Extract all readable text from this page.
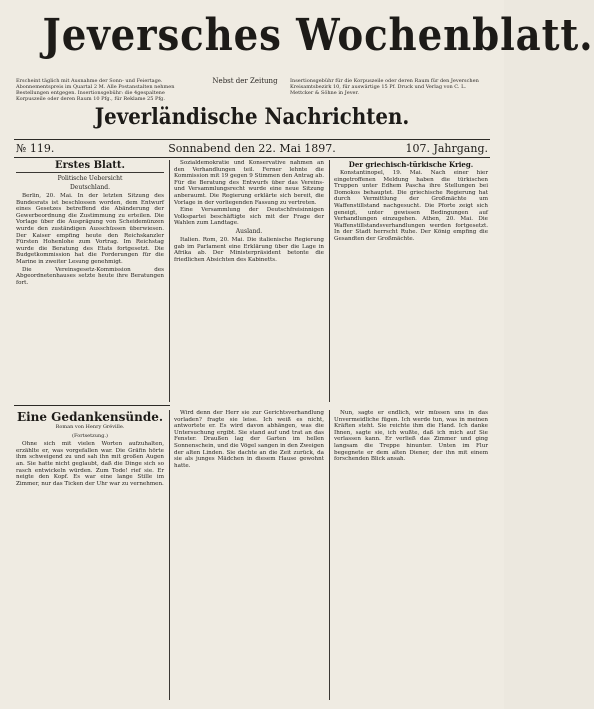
Jeversches Wochenblatt.
Erscheint täglich mit Ausnahme der Sonn- und Feiertage. Abonnementspreis im Quartal 2 M. Alle Postanstalten nehmen Bestellungen entgegen. Insertionsgebühr: die 4gespaltene Korpuszeile oder deren Raum 10 Pfg., für Reklame 25 Pfg.
Nebst der Zeitung	Insertionsgebühr für die Korpuszeile oder deren Raum für den Jeverschen Kreisamtsbezirk 10, für auswärtige 15 Pf. Druck und Verlag von C. L. Mettcker & Söhne in Jever.
Jeverländische Nachrichten.
№ 119.	Sonnabend den 22. Mai 1897.	107. Jahrgang.
Erstes Blatt.
Politische Uebersicht
Deutschland.

Berlin, 20. Mai. In der letzten Sitzung des Bundesrats ist beschlossen worden, dem Entwurf eines Gesetzes betreffend die Abänderung der Gewerbeordnung die Zustimmung zu erteilen. Die Vorlage über die Ausprägung von Scheidemünzen wurde den zuständigen Ausschüssen überwiesen. Der Kaiser empfing heute den Reichskanzler Fürsten Hohenlohe zum Vortrag. Im Reichstag wurde die Beratung des Etats fortgesetzt. Die Budgetkommission hat die Forderungen für die Marine in zweiter Lesung genehmigt.

Die Vereinsgesetz-Kommission des Abgeordnetenhauses setzte heute ihre Beratungen fort.

Sozialdemokratie und Konservative nahmen an den Verhandlungen teil. Ferner lehnte die Kommission mit 19 gegen 9 Stimmen den Antrag ab. Für die Beratung des Entwurfs über das Vereins- und Versammlungsrecht wurde eine neue Sitzung anberaumt. Die Regierung erklärte sich bereit, die Vorlage in der vorliegenden Fassung zu vertreten.

Eine Versammlung der Deutschfreisinnigen Volkspartei beschäftigte sich mit der Frage der Wahlen zum Landtage.

Ausland.

Italien. Rom, 20. Mai. Die italienische Regierung gab im Parlament eine Erklärung über die Lage in Afrika ab. Der Ministerpräsident betonte die friedlichen Absichten des Kabinetts.

Der griechisch-türkische Krieg.

Konstantinopel, 19. Mai. Nach einer hier eingetroffenen Meldung haben die türkischen Truppen unter Edhem Pascha ihre Stellungen bei Domokos behauptet. Die griechische Regierung hat durch Vermittlung der Großmächte um Waffenstillstand nachgesucht. Die Pforte zeigt sich geneigt, unter gewissen Bedingungen auf Verhandlungen einzugehen. Athen, 20. Mai. Die Waffenstillstandsverhandlungen werden fortgesetzt. In der Stadt herrscht Ruhe. Der König empfing die Gesandten der Großmächte.

Eine Gedankensünde.
Roman von Henry Gréville.
(Fortsetzung.)

Ohne sich mit vielen Worten aufzuhalten, erzählte er, was vorgefallen war. Die Gräfin hörte ihm schweigend zu und sah ihn mit großen Augen an. Sie hatte nicht geglaubt, daß die Dinge sich so rasch entwickeln würden. Zum Tode! rief sie. Er neigte den Kopf. Es war eine lange Stille im Zimmer, nur das Ticken der Uhr war zu vernehmen.

Wird denn der Herr sie zur Gerichtsverhandlung vorladen? fragte sie leise. Ich weiß es nicht, antwortete er. Es wird davon abhängen, was die Untersuchung ergibt. Sie stand auf und trat an das Fenster. Draußen lag der Garten im hellen Sonnenschein, und die Vögel sangen in den Zweigen der alten Linden. Sie dachte an die Zeit zurück, da sie als junges Mädchen in diesem Hause gewohnt hatte.

Nun, sagte er endlich, wir müssen uns in das Unvermeidliche fügen. Ich werde tun, was in meinen Kräften steht. Sie reichte ihm die Hand. Ich danke Ihnen, sagte sie, ich wußte, daß ich mich auf Sie verlassen kann. Er verließ das Zimmer und ging langsam die Treppe hinunter. Unten im Flur begegnete er dem alten Diener, der ihn mit einem forschenden Blick ansah.
